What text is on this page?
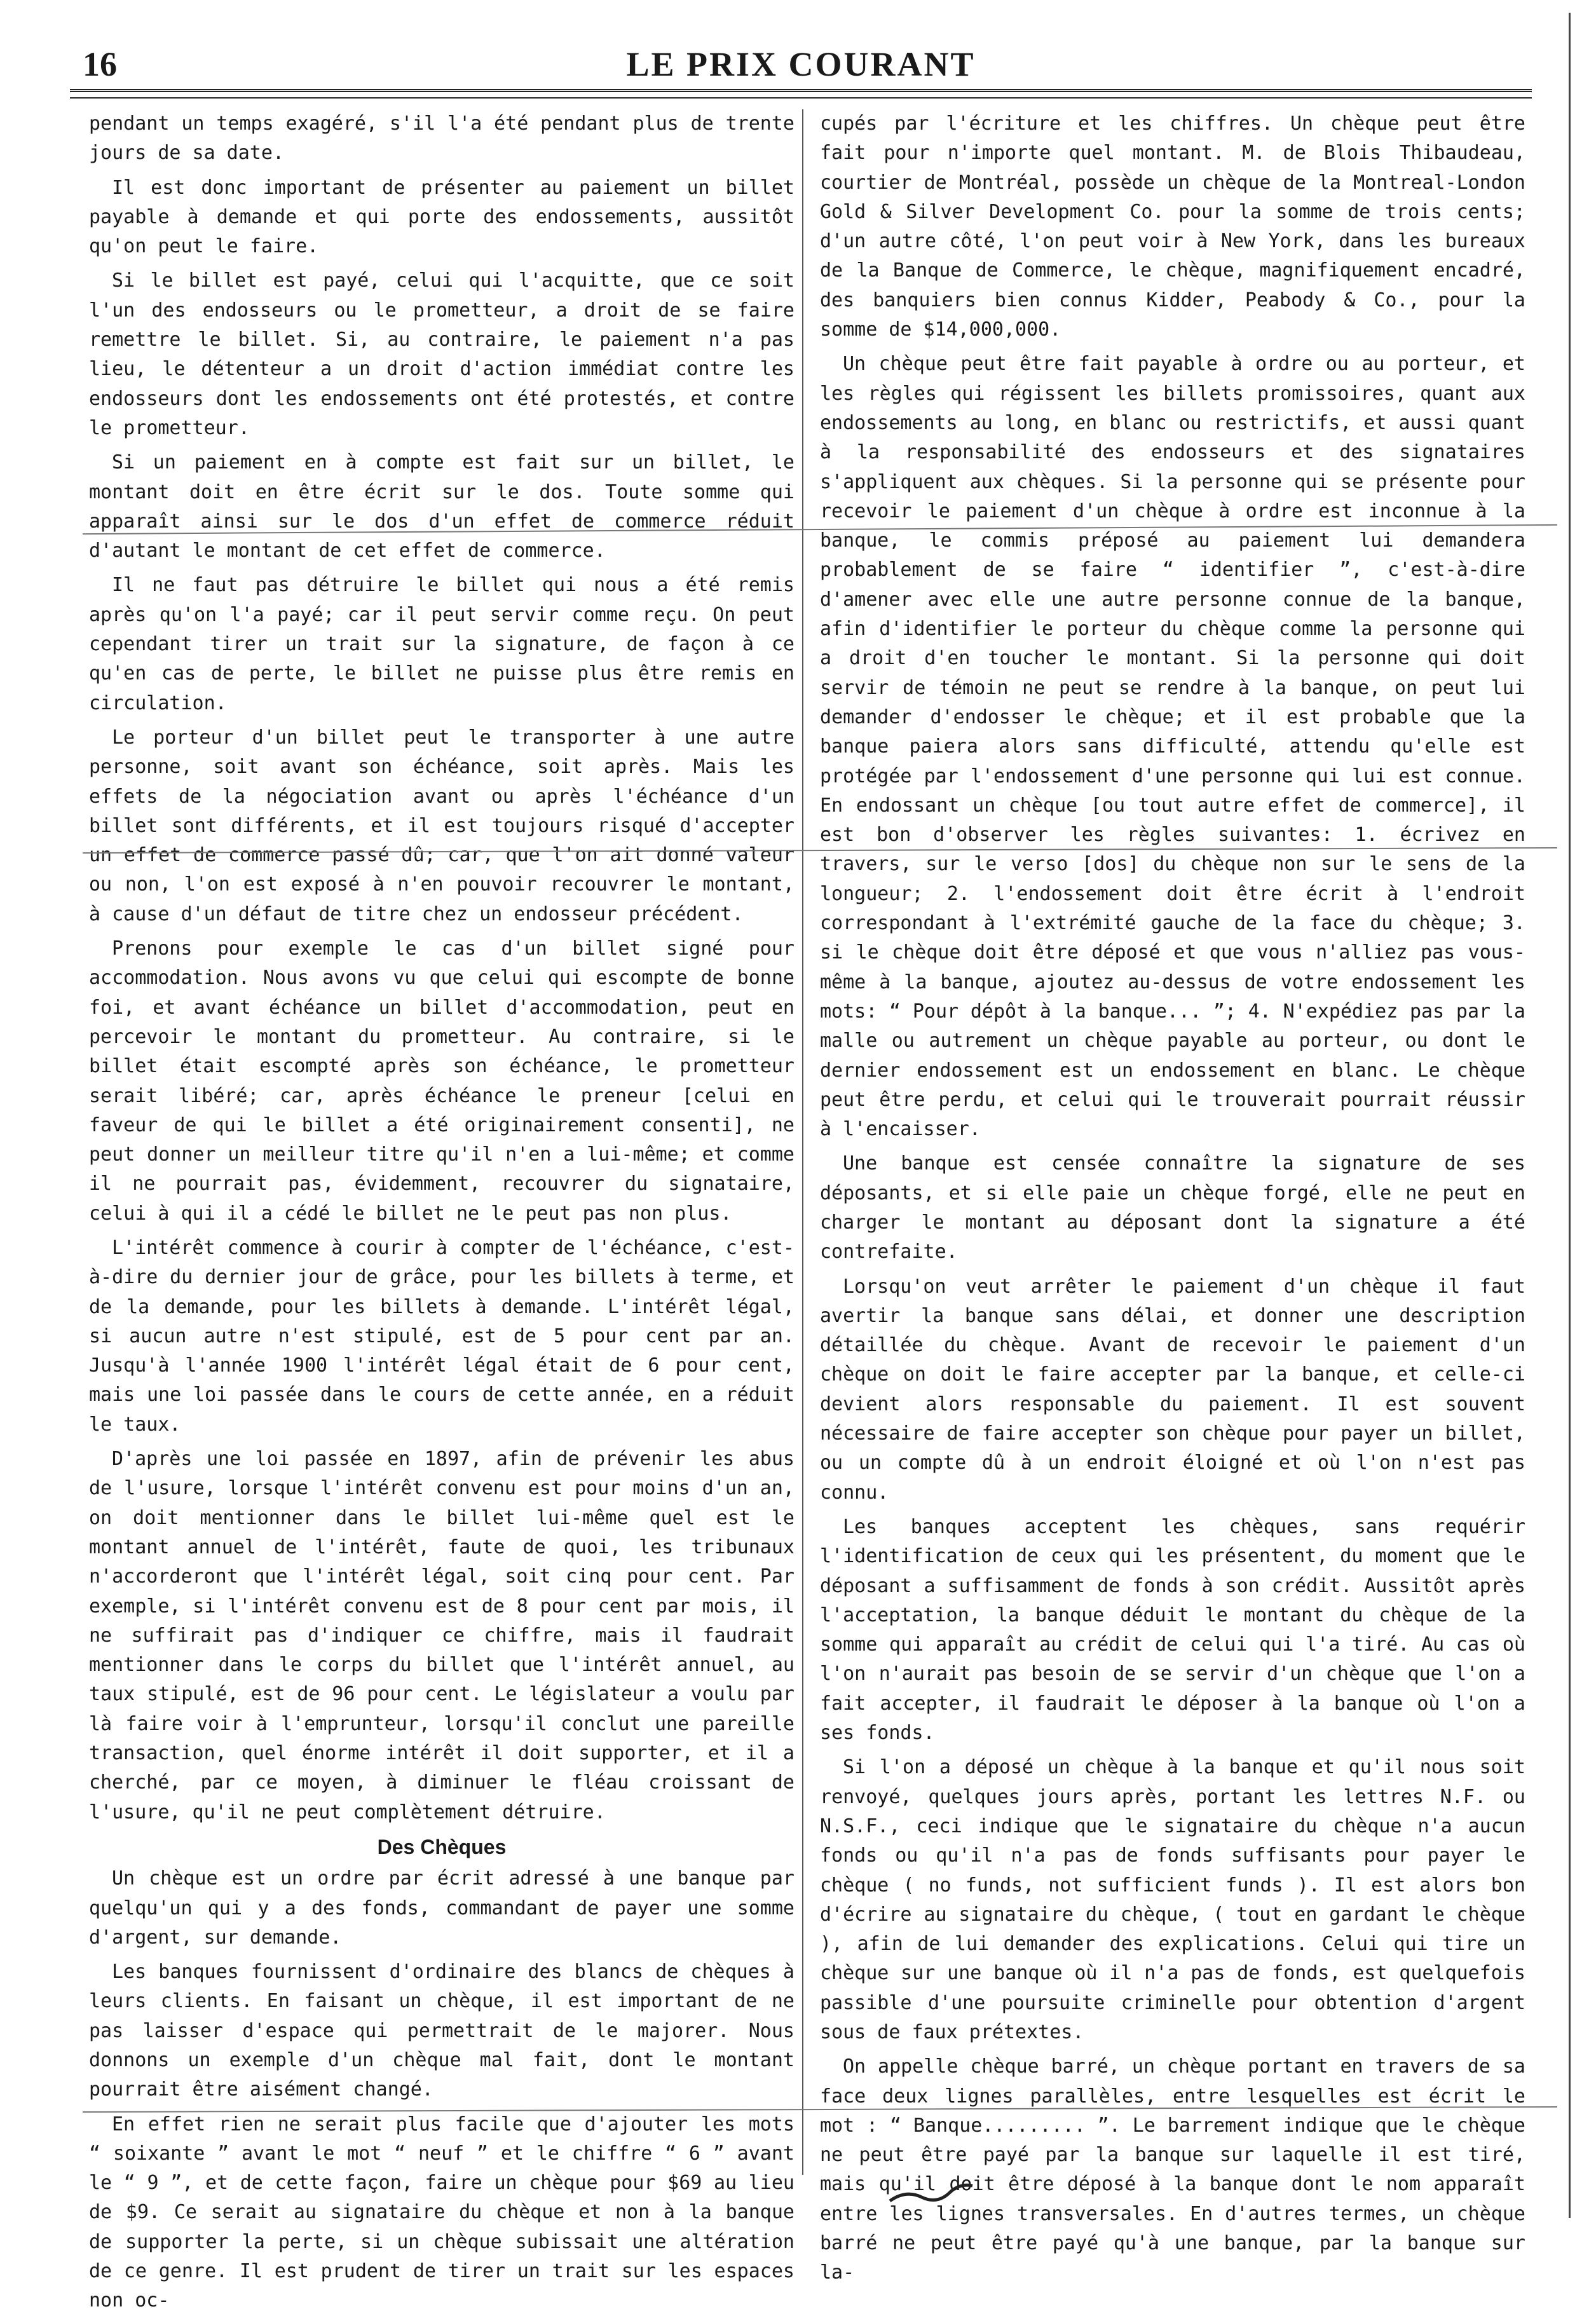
16	LE PRIX COURANT

pendant un temps exagéré, s'il l'a été pendant plus de trente jours de sa date.

Il est donc important de présenter au paiement un billet payable à demande et qui porte des endossements, aussitôt qu'on peut le faire.

Si le billet est payé, celui qui l'acquitte, que ce soit l'un des endosseurs ou le prometteur, a droit de se faire remettre le billet. Si, au contraire, le paiement n'a pas lieu, le détenteur a un droit d'action immédiat contre les endosseurs dont les endossements ont été protestés, et contre le prometteur.

Si un paiement en à compte est fait sur un billet, le montant doit en être écrit sur le dos. Toute somme qui apparaît ainsi sur le dos d'un effet de commerce réduit d'autant le montant de cet effet de commerce.

Il ne faut pas détruire le billet qui nous a été remis après qu'on l'a payé; car il peut servir comme reçu. On peut cependant tirer un trait sur la signature, de façon à ce qu'en cas de perte, le billet ne puisse plus être remis en circulation.

Le porteur d'un billet peut le transporter à une autre personne, soit avant son échéance, soit après. Mais les effets de la négociation avant ou après l'échéance d'un billet sont différents, et il est toujours risqué d'accepter un effet de commerce passé dû; car, que l'on ait donné valeur ou non, l'on est exposé à n'en pouvoir recouvrer le montant, à cause d'un défaut de titre chez un endosseur précédent.

Prenons pour exemple le cas d'un billet signé pour accommodation. Nous avons vu que celui qui escompte de bonne foi, et avant échéance un billet d'accommodation, peut en percevoir le montant du prometteur. Au contraire, si le billet était escompté après son échéance, le prometteur serait libéré; car, après échéance le preneur [celui en faveur de qui le billet a été originairement consenti], ne peut donner un meilleur titre qu'il n'en a lui-même; et comme il ne pourrait pas, évidemment, recouvrer du signataire, celui à qui il a cédé le billet ne le peut pas non plus.

L'intérêt commence à courir à compter de l'échéance, c'est-à-dire du dernier jour de grâce, pour les billets à terme, et de la demande, pour les billets à demande. L'intérêt légal, si aucun autre n'est stipulé, est de 5 pour cent par an. Jusqu'à l'année 1900 l'intérêt légal était de 6 pour cent, mais une loi passée dans le cours de cette année, en a réduit le taux.

D'après une loi passée en 1897, afin de prévenir les abus de l'usure, lorsque l'intérêt convenu est pour moins d'un an, on doit mentionner dans le billet lui-même quel est le montant annuel de l'intérêt, faute de quoi, les tribunaux n'accorderont que l'intérêt légal, soit cinq pour cent. Par exemple, si l'intérêt convenu est de 8 pour cent par mois, il ne suffirait pas d'indiquer ce chiffre, mais il faudrait mentionner dans le corps du billet que l'intérêt annuel, au taux stipulé, est de 96 pour cent. Le législateur a voulu par là faire voir à l'emprunteur, lorsqu'il conclut une pareille transaction, quel énorme intérêt il doit supporter, et il a cherché, par ce moyen, à diminuer le fléau croissant de l'usure, qu'il ne peut complètement détruire.

Des Chèques

Un chèque est un ordre par écrit adressé à une banque par quelqu'un qui y a des fonds, commandant de payer une somme d'argent, sur demande.

Les banques fournissent d'ordinaire des blancs de chèques à leurs clients. En faisant un chèque, il est important de ne pas laisser d'espace qui permettrait de le majorer. Nous donnons un exemple d'un chèque mal fait, dont le montant pourrait être aisément changé.

En effet rien ne serait plus facile que d'ajouter les mots “ soixante ” avant le mot “ neuf ” et le chiffre “ 6 ” avant le “ 9 ”, et de cette façon, faire un chèque pour $69 au lieu de $9. Ce serait au signataire du chèque et non à la banque de supporter la perte, si un chèque subissait une altération de ce genre. Il est prudent de tirer un trait sur les espaces non oc-

cupés par l'écriture et les chiffres. Un chèque peut être fait pour n'importe quel montant. M. de Blois Thibaudeau, courtier de Montréal, possède un chèque de la Montreal-London Gold & Silver Development Co. pour la somme de trois cents; d'un autre côté, l'on peut voir à New York, dans les bureaux de la Banque de Commerce, le chèque, magnifiquement encadré, des banquiers bien connus Kidder, Peabody & Co., pour la somme de $14,000,000.

Un chèque peut être fait payable à ordre ou au porteur, et les règles qui régissent les billets promissoires, quant aux endossements au long, en blanc ou restrictifs, et aussi quant à la responsabilité des endosseurs et des signataires s'appliquent aux chèques. Si la personne qui se présente pour recevoir le paiement d'un chèque à ordre est inconnue à la banque, le commis préposé au paiement lui demandera probablement de se faire “ identifier ”, c'est-à-dire d'amener avec elle une autre personne connue de la banque, afin d'identifier le porteur du chèque comme la personne qui a droit d'en toucher le montant. Si la personne qui doit servir de témoin ne peut se rendre à la banque, on peut lui demander d'endosser le chèque; et il est probable que la banque paiera alors sans difficulté, attendu qu'elle est protégée par l'endossement d'une personne qui lui est connue. En endossant un chèque [ou tout autre effet de commerce], il est bon d'observer les règles suivantes: 1. écrivez en travers, sur le verso [dos] du chèque non sur le sens de la longueur; 2. l'endossement doit être écrit à l'endroit correspondant à l'extrémité gauche de la face du chèque; 3. si le chèque doit être déposé et que vous n'alliez pas vous-même à la banque, ajoutez au-dessus de votre endossement les mots: “ Pour dépôt à la banque... ”; 4. N'expédiez pas par la malle ou autrement un chèque payable au porteur, ou dont le dernier endossement est un endossement en blanc. Le chèque peut être perdu, et celui qui le trouverait pourrait réussir à l'encaisser.

Une banque est censée connaître la signature de ses déposants, et si elle paie un chèque forgé, elle ne peut en charger le montant au déposant dont la signature a été contrefaite.

Lorsqu'on veut arrêter le paiement d'un chèque il faut avertir la banque sans délai, et donner une description détaillée du chèque. Avant de recevoir le paiement d'un chèque on doit le faire accepter par la banque, et celle-ci devient alors responsable du paiement. Il est souvent nécessaire de faire accepter son chèque pour payer un billet, ou un compte dû à un endroit éloigné et où l'on n'est pas connu.

Les banques acceptent les chèques, sans requérir l'identification de ceux qui les présentent, du moment que le déposant a suffisamment de fonds à son crédit. Aussitôt après l'acceptation, la banque déduit le montant du chèque de la somme qui apparaît au crédit de celui qui l'a tiré. Au cas où l'on n'aurait pas besoin de se servir d'un chèque que l'on a fait accepter, il faudrait le déposer à la banque où l'on a ses fonds.

Si l'on a déposé un chèque à la banque et qu'il nous soit renvoyé, quelques jours après, portant les lettres N.F. ou N.S.F., ceci indique que le signataire du chèque n'a aucun fonds ou qu'il n'a pas de fonds suffisants pour payer le chèque ( no funds, not sufficient funds ). Il est alors bon d'écrire au signataire du chèque, ( tout en gardant le chèque ), afin de lui demander des explications. Celui qui tire un chèque sur une banque où il n'a pas de fonds, est quelquefois passible d'une poursuite criminelle pour obtention d'argent sous de faux prétextes.

On appelle chèque barré, un chèque portant en travers de sa face deux lignes parallèles, entre lesquelles est écrit le mot : “ Banque......... ”. Le barrement indique que le chèque ne peut être payé par la banque sur laquelle il est tiré, mais qu'il doit être déposé à la banque dont le nom apparaît entre les lignes transversales. En d'autres termes, un chèque barré ne peut être payé qu'à une banque, par la banque sur la-
